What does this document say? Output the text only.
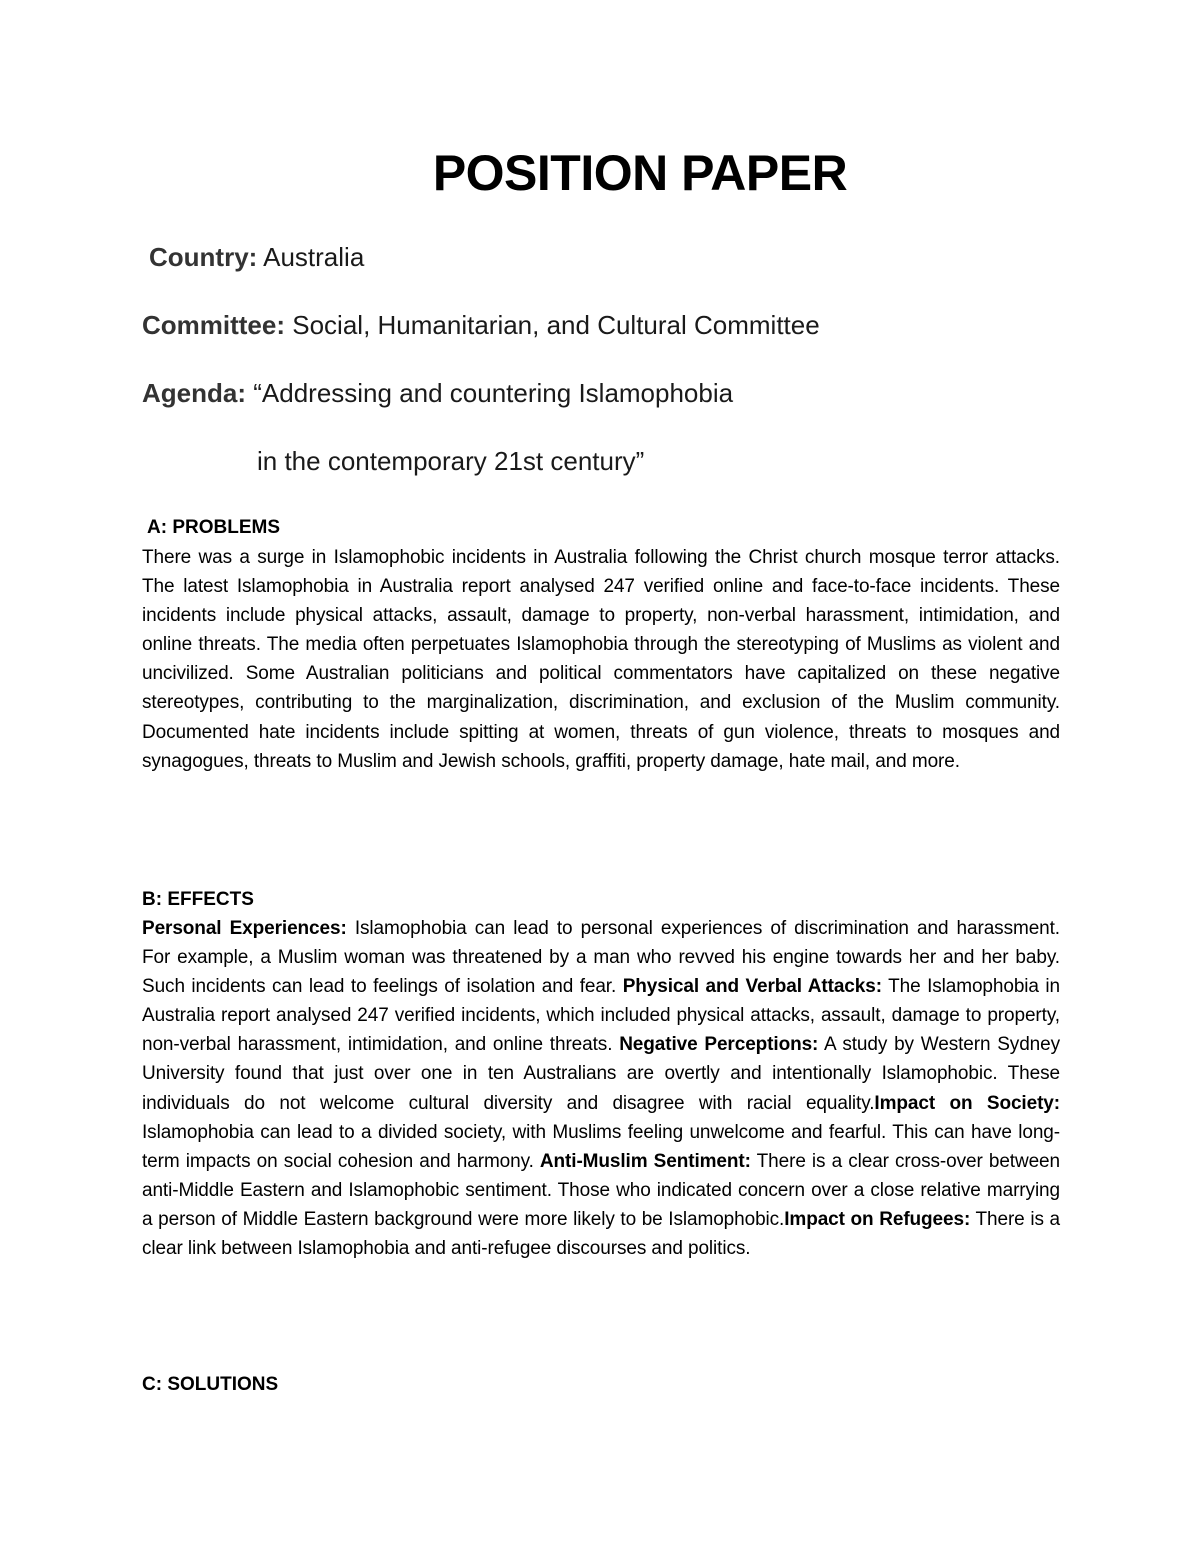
POSITION PAPER
Country: Australia
Committee: Social, Humanitarian, and Cultural Committee
Agenda: “Addressing and countering Islamophobia
in the contemporary 21st century”
A: PROBLEMS

There was a surge in Islamophobic incidents in Australia following the Christ church mosque terror attacks. The latest Islamophobia in Australia report analysed 247 verified online and face-to-face incidents. These incidents include physical attacks, assault, damage to property, non-verbal harassment, intimidation, and online threats. The media often perpetuates Islamophobia through the stereotyping of Muslims as violent and uncivilized. Some Australian politicians and political commentators have capitalized on these negative stereotypes, contributing to the marginalization, discrimination, and exclusion of the Muslim community. Documented hate incidents include spitting at women, threats of gun violence, threats to mosques and synagogues, threats to Muslim and Jewish schools, graffiti, property damage, hate mail, and more.

B: EFFECTS

Personal Experiences: Islamophobia can lead to personal experiences of discrimination and harassment. For example, a Muslim woman was threatened by a man who revved his engine towards her and her baby. Such incidents can lead to feelings of isolation and fear. Physical and Verbal Attacks: The Islamophobia in Australia report analysed 247 verified incidents, which included physical attacks, assault, damage to property, non-verbal harassment, intimidation, and online threats. Negative Perceptions: A study by Western Sydney University found that just over one in ten Australians are overtly and intentionally Islamophobic. These individuals do not welcome cultural diversity and disagree with racial equality.Impact on Society: Islamophobia can lead to a divided society, with Muslims feeling unwelcome and fearful. This can have long-term impacts on social cohesion and harmony. Anti-Muslim Sentiment: There is a clear cross-over between anti-Middle Eastern and Islamophobic sentiment. Those who indicated concern over a close relative marrying a person of Middle Eastern background were more likely to be Islamophobic.Impact on Refugees: There is a clear link between Islamophobia and anti-refugee discourses and politics.

C: SOLUTIONS
